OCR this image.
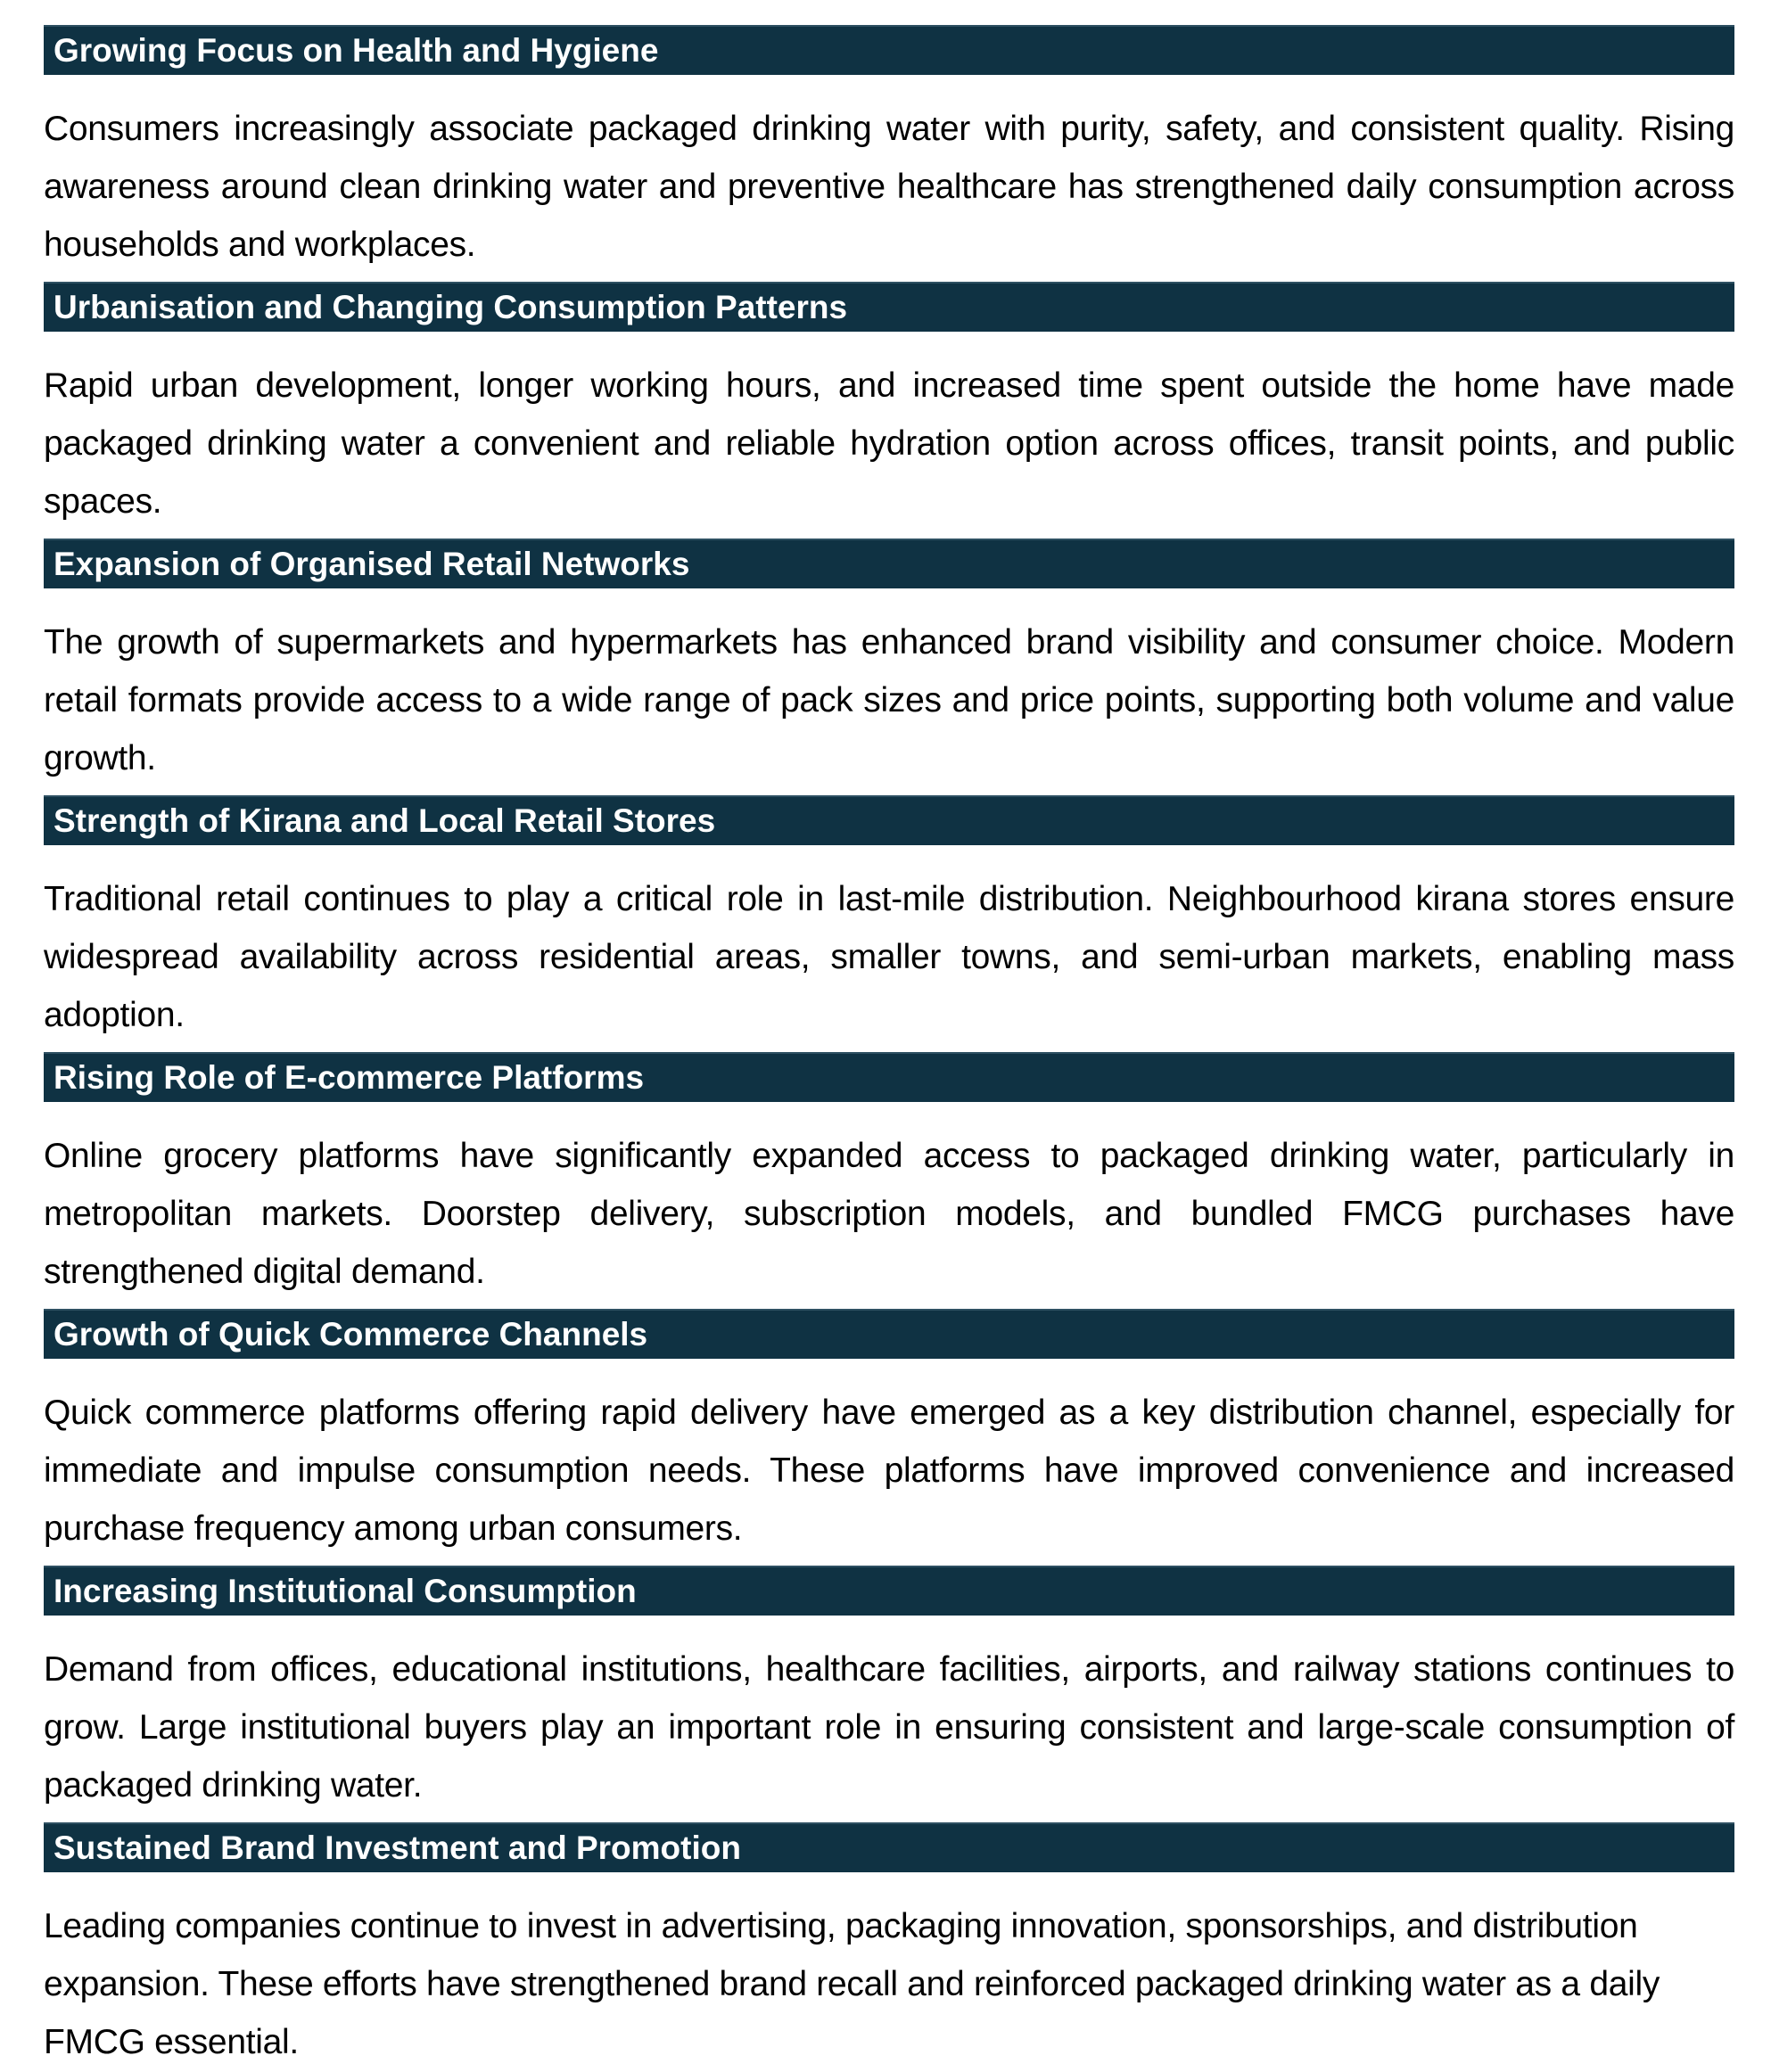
Growing Focus on Health and Hygiene

Consumers increasingly associate packaged drinking water with purity, safety, and consistent quality. Rising awareness around clean drinking water and preventive healthcare has strengthened daily consumption across households and workplaces.

Urbanisation and Changing Consumption Patterns

Rapid urban development, longer working hours, and increased time spent outside the home have made packaged drinking water a convenient and reliable hydration option across offices, transit points, and public spaces.

Expansion of Organised Retail Networks

The growth of supermarkets and hypermarkets has enhanced brand visibility and consumer choice. Modern retail formats provide access to a wide range of pack sizes and price points, supporting both volume and value growth.

Strength of Kirana and Local Retail Stores

Traditional retail continues to play a critical role in last-mile distribution. Neighbourhood kirana stores ensure widespread availability across residential areas, smaller towns, and semi-urban markets, enabling mass adoption.

Rising Role of E-commerce Platforms

Online grocery platforms have significantly expanded access to packaged drinking water, particularly in metropolitan markets. Doorstep delivery, subscription models, and bundled FMCG purchases have strengthened digital demand.

Growth of Quick Commerce Channels

Quick commerce platforms offering rapid delivery have emerged as a key distribution channel, especially for immediate and impulse consumption needs. These platforms have improved convenience and increased purchase frequency among urban consumers.

Increasing Institutional Consumption

Demand from offices, educational institutions, healthcare facilities, airports, and railway stations continues to grow. Large institutional buyers play an important role in ensuring consistent and large-scale consumption of packaged drinking water.

Sustained Brand Investment and Promotion

Leading companies continue to invest in advertising, packaging innovation, sponsorships, and distribution expansion. These efforts have strengthened brand recall and reinforced packaged drinking water as a daily FMCG essential.
